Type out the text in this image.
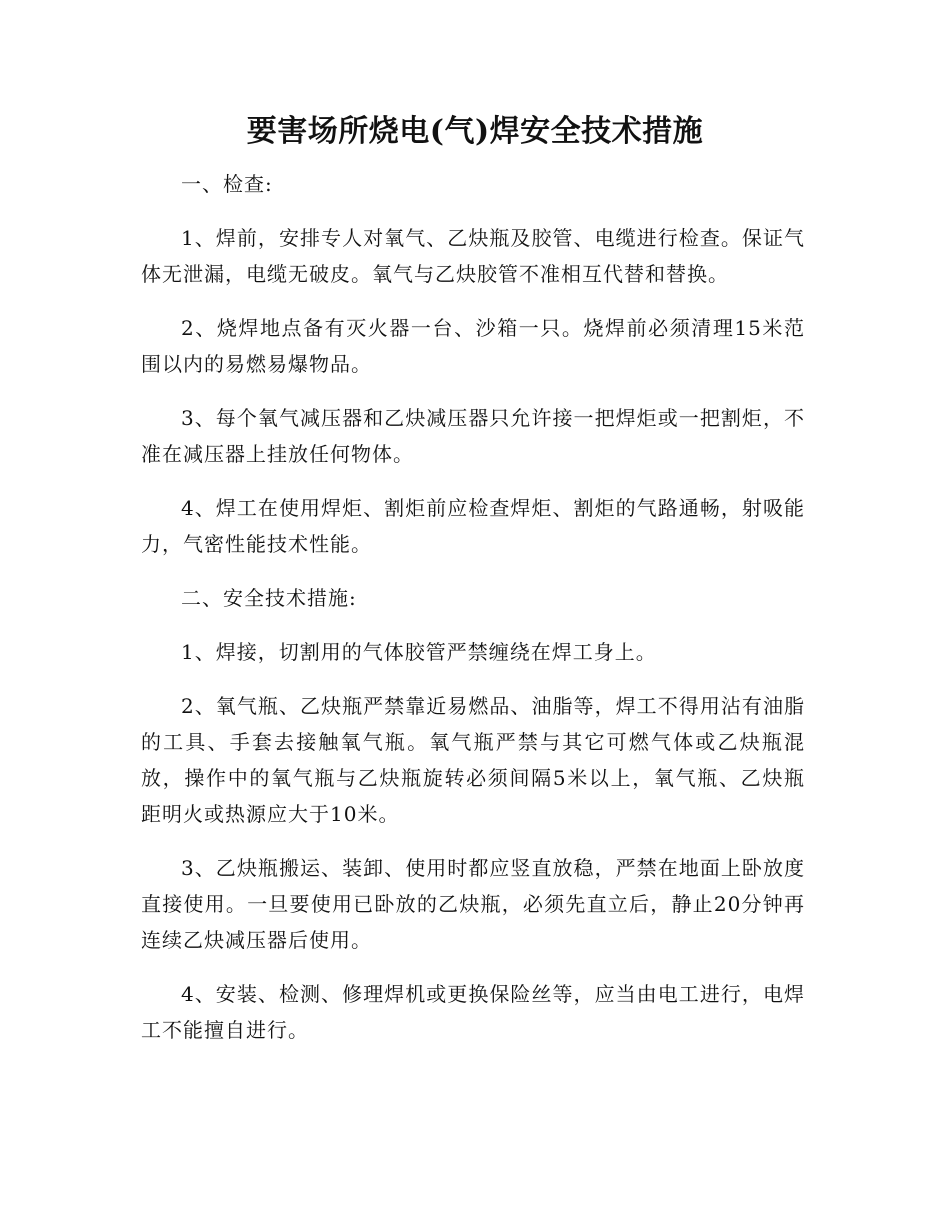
要害场所烧电(气)焊安全技术措施

一、检查:

1、焊前，安排专人对氧气、乙炔瓶及胶管、电缆进行检查。保证气体无泄漏，电缆无破皮。氧气与乙炔胶管不准相互代替和替换。

2、烧焊地点备有灭火器一台、沙箱一只。烧焊前必须清理15米范围以内的易燃易爆物品。

3、每个氧气减压器和乙炔减压器只允许接一把焊炬或一把割炬，不准在减压器上挂放任何物体。

4、焊工在使用焊炬、割炬前应检查焊炬、割炬的气路通畅，射吸能力，气密性能技术性能。

二、安全技术措施:

1、焊接，切割用的气体胶管严禁缠绕在焊工身上。

2、氧气瓶、乙炔瓶严禁靠近易燃品、油脂等，焊工不得用沾有油脂的工具、手套去接触氧气瓶。氧气瓶严禁与其它可燃气体或乙炔瓶混放，操作中的氧气瓶与乙炔瓶旋转必须间隔5米以上，氧气瓶、乙炔瓶距明火或热源应大于10米。

3、乙炔瓶搬运、装卸、使用时都应竖直放稳，严禁在地面上卧放度直接使用。一旦要使用已卧放的乙炔瓶，必须先直立后，静止20分钟再连续乙炔减压器后使用。

4、安装、检测、修理焊机或更换保险丝等，应当由电工进行，电焊工不能擅自进行。
